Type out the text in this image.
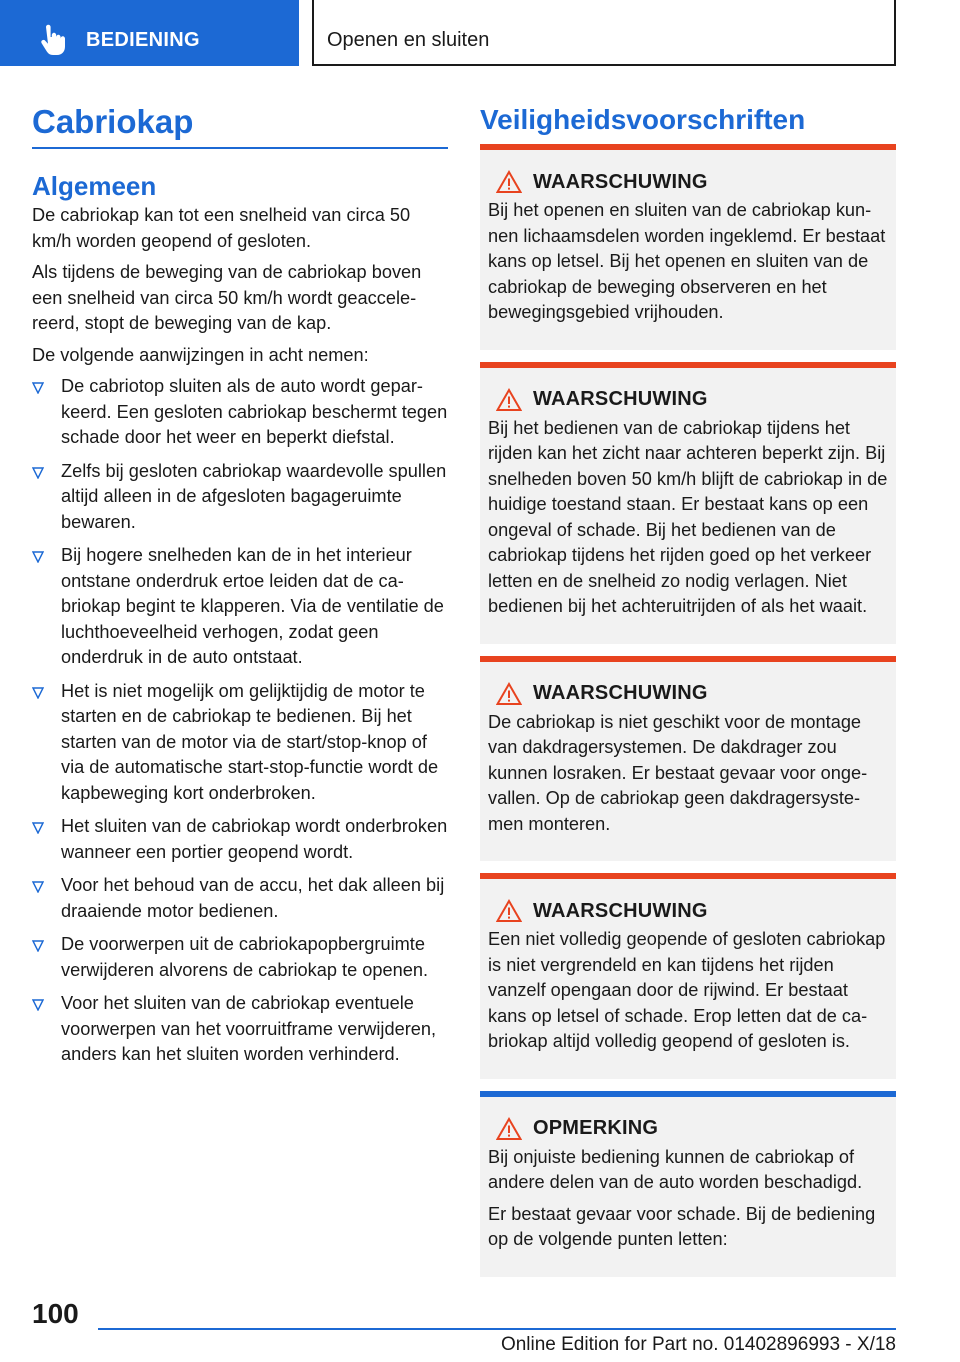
BEDIENING	Openen en sluiten
Cabriokap
Algemeen
De cabriokap kan tot een snelheid van circa 50 km/h worden geopend of gesloten.
Als tijdens de beweging van de cabriokap boven een snelheid van circa 50 km/h wordt geaccelereerd, stopt de beweging van de kap.
De volgende aanwijzingen in acht nemen:
De cabriotop sluiten als de auto wordt geparkeerd. Een gesloten cabriokap beschermt tegen schade door het weer en beperkt diefstal.
Zelfs bij gesloten cabriokap waardevolle spullen altijd alleen in de afgesloten bagageruimte bewaren.
Bij hogere snelheden kan de in het interieur ontstane onderdruk ertoe leiden dat de cabriokap begint te klapperen. Via de ventilatie de luchthoeveelheid verhogen, zodat geen onderdruk in de auto ontstaat.
Het is niet mogelijk om gelijktijdig de motor te starten en de cabriokap te bedienen. Bij het starten van de motor via de start/stop-knop of via de automatische start-stop-functie wordt de kapbeweging kort onderbroken.
Het sluiten van de cabriokap wordt onderbroken wanneer een portier geopend wordt.
Voor het behoud van de accu, het dak alleen bij draaiende motor bedienen.
De voorwerpen uit de cabriokapopbergruimte verwijderen alvorens de cabriokap te openen.
Voor het sluiten van de cabriokap eventuele voorwerpen van het voorruitframe verwijderen, anders kan het sluiten worden verhinderd.
Veiligheidsvoorschriften
WAARSCHUWING
Bij het openen en sluiten van de cabriokap kunnen lichaamsdelen worden ingeklemd. Er bestaat kans op letsel. Bij het openen en sluiten van de cabriokap de beweging observeren en het bewegingsgebied vrijhouden.
WAARSCHUWING
Bij het bedienen van de cabriokap tijdens het rijden kan het zicht naar achteren beperkt zijn. Bij snelheden boven 50 km/h blijft de cabriokap in de huidige toestand staan. Er bestaat kans op een ongeval of schade. Bij het bedienen van de cabriokap tijdens het rijden goed op het verkeer letten en de snelheid zo nodig verlagen. Niet bedienen bij het achteruitrijden of als het waait.
WAARSCHUWING
De cabriokap is niet geschikt voor de montage van dakdragersystemen. De dakdrager zou kunnen losraken. Er bestaat gevaar voor ongevallen. Op de cabriokap geen dakdragersystemen monteren.
WAARSCHUWING
Een niet volledig geopende of gesloten cabriokap is niet vergrendeld en kan tijdens het rijden vanzelf opengaan door de rijwind. Er bestaat kans op letsel of schade. Erop letten dat de cabriokap altijd volledig geopend of gesloten is.
OPMERKING
Bij onjuiste bediening kunnen de cabriokap of andere delen van de auto worden beschadigd.
Er bestaat gevaar voor schade. Bij de bediening op de volgende punten letten:
100
Online Edition for Part no. 01402896993 - X/18
